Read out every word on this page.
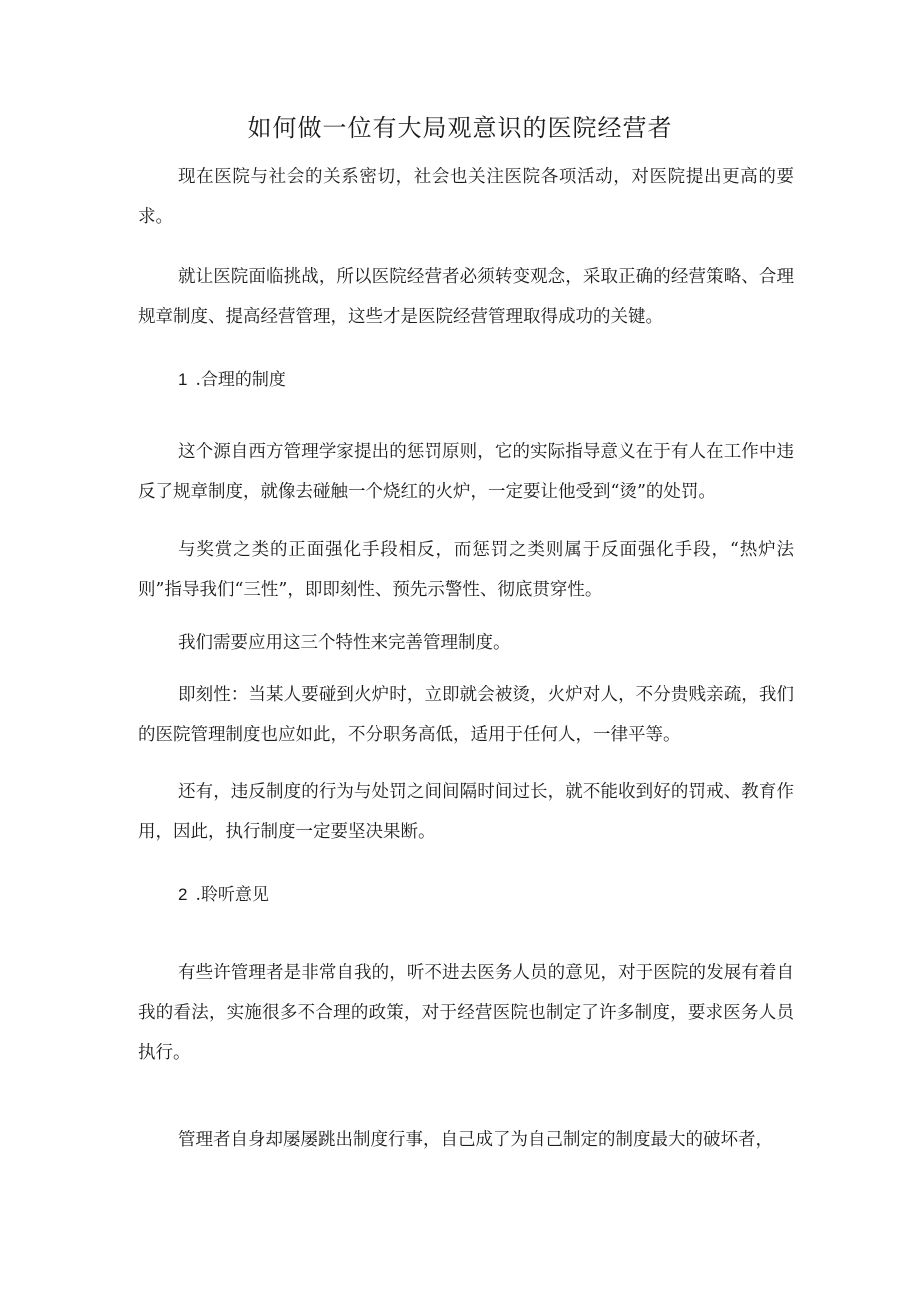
如何做一位有大局观意识的医院经营者

现在医院与社会的关系密切，社会也关注医院各项活动，对医院提出更高的要求。

就让医院面临挑战，所以医院经营者必须转变观念，采取正确的经营策略、合理规章制度、提高经营管理，这些才是医院经营管理取得成功的关键。

1 .合理的制度

这个源自西方管理学家提出的惩罚原则，它的实际指导意义在于有人在工作中违反了规章制度，就像去碰触一个烧红的火炉，一定要让他受到“烫”的处罚。

与奖赏之类的正面强化手段相反，而惩罚之类则属于反面强化手段，“热炉法则”指导我们“三性”，即即刻性、预先示警性、彻底贯穿性。

我们需要应用这三个特性来完善管理制度。

即刻性：当某人要碰到火炉时，立即就会被烫，火炉对人，不分贵贱亲疏，我们的医院管理制度也应如此，不分职务高低，适用于任何人，一律平等。

还有，违反制度的行为与处罚之间间隔时间过长，就不能收到好的罚戒、教育作用，因此，执行制度一定要坚决果断。

2 .聆听意见

有些许管理者是非常自我的，听不进去医务人员的意见，对于医院的发展有着自我的看法，实施很多不合理的政策，对于经营医院也制定了许多制度，要求医务人员执行。

管理者自身却屡屡跳出制度行事，自己成了为自己制定的制度最大的破坏者，
